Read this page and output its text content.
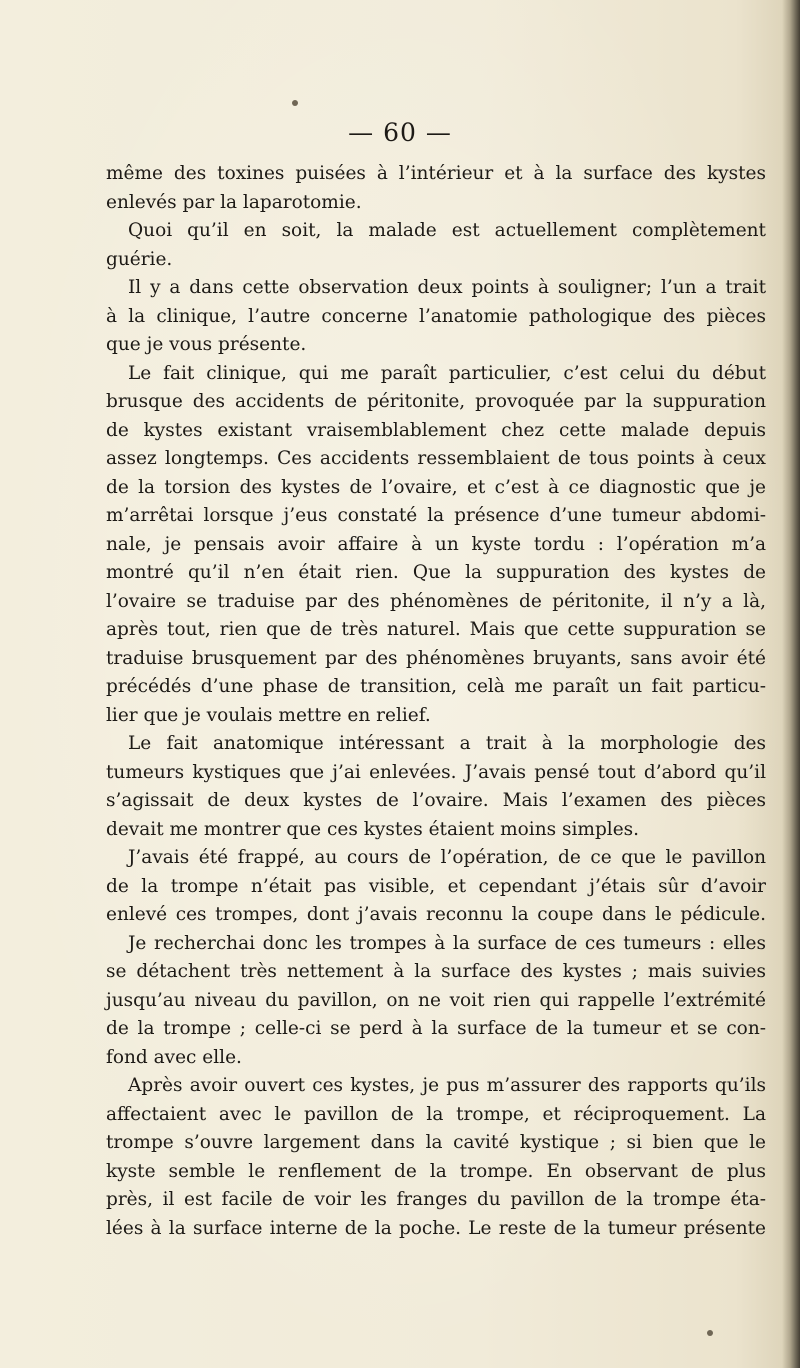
— 60 —
même des toxines puisées à l’intérieur et à la surface des kystes
enlevés par la laparotomie.
Quoi qu’il en soit, la malade est actuellement complètement
guérie.
Il y a dans cette observation deux points à souligner; l’un a trait
à la clinique, l’autre concerne l’anatomie pathologique des pièces
que je vous présente.
Le fait clinique, qui me paraît particulier, c’est celui du début
brusque des accidents de péritonite, provoquée par la suppuration
de kystes existant vraisemblablement chez cette malade depuis
assez longtemps. Ces accidents ressemblaient de tous points à ceux
de la torsion des kystes de l’ovaire, et c’est à ce diagnostic que je
m’arrêtai lorsque j’eus constaté la présence d’une tumeur abdomi-
nale, je pensais avoir affaire à un kyste tordu : l’opération m’a
montré qu’il n’en était rien. Que la suppuration des kystes de
l’ovaire se traduise par des phénomènes de péritonite, il n’y a là,
après tout, rien que de très naturel. Mais que cette suppuration se
traduise brusquement par des phénomènes bruyants, sans avoir été
précédés d’une phase de transition, celà me paraît un fait particu-
lier que je voulais mettre en relief.
Le fait anatomique intéressant a trait à la morphologie des
tumeurs kystiques que j’ai enlevées. J’avais pensé tout d’abord qu’il
s’agissait de deux kystes de l’ovaire. Mais l’examen des pièces
devait me montrer que ces kystes étaient moins simples.
J’avais été frappé, au cours de l’opération, de ce que le pavillon
de la trompe n’était pas visible, et cependant j’étais sûr d’avoir
enlevé ces trompes, dont j’avais reconnu la coupe dans le pédicule.
Je recherchai donc les trompes à la surface de ces tumeurs : elles
se détachent très nettement à la surface des kystes ; mais suivies
jusqu’au niveau du pavillon, on ne voit rien qui rappelle l’extrémité
de la trompe ; celle-ci se perd à la surface de la tumeur et se con-
fond avec elle.
Après avoir ouvert ces kystes, je pus m’assurer des rapports qu’ils
affectaient avec le pavillon de la trompe, et réciproquement. La
trompe s’ouvre largement dans la cavité kystique ; si bien que le
kyste semble le renflement de la trompe. En observant de plus
près, il est facile de voir les franges du pavillon de la trompe éta-
lées à la surface interne de la poche. Le reste de la tumeur présente
